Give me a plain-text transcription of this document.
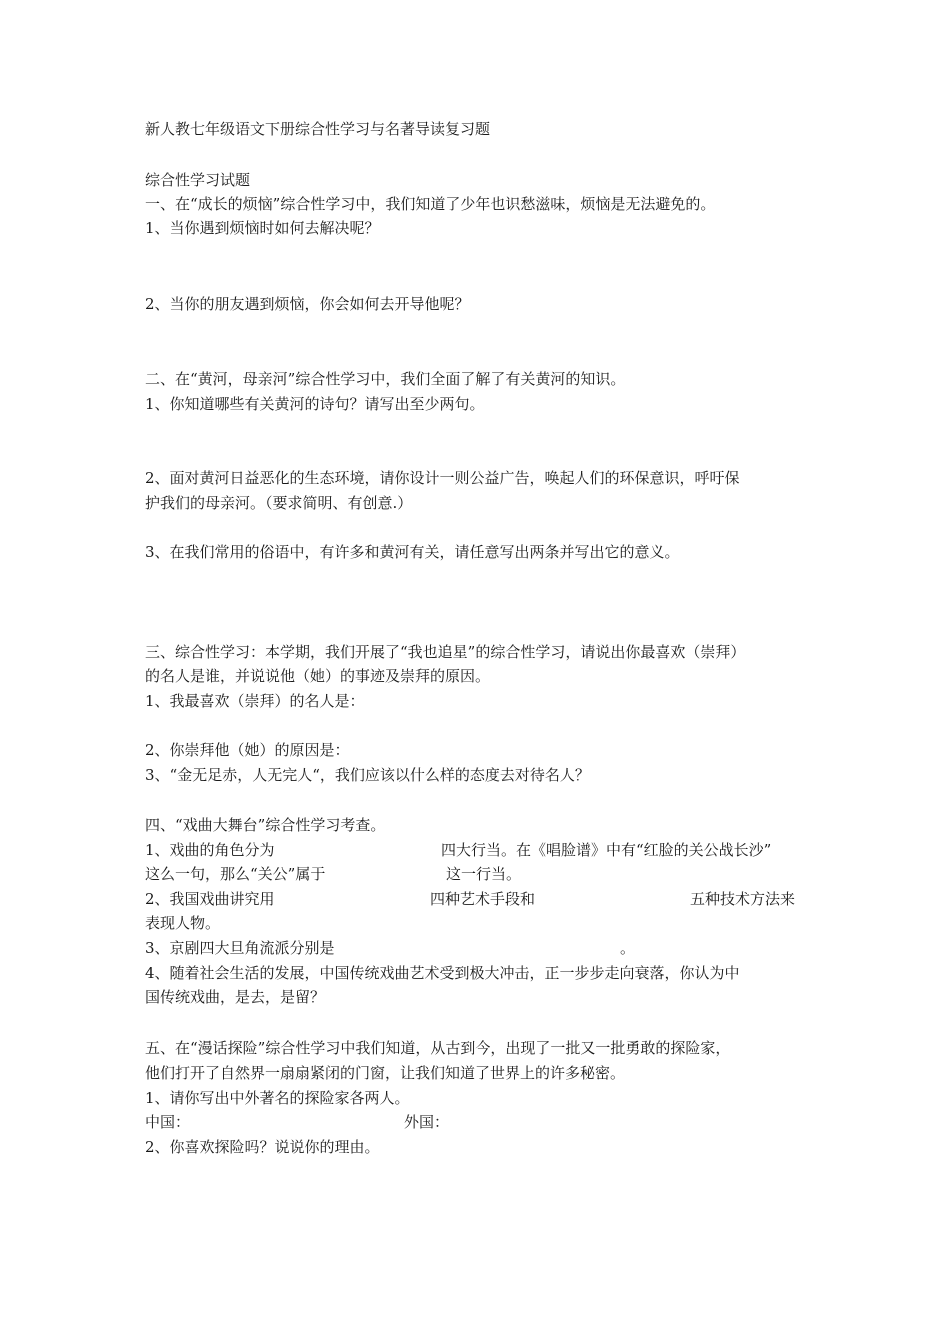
新人教七年级语文下册综合性学习与名著导读复习题
综合性学习试题
一、在“成长的烦恼”综合性学习中，我们知道了少年也识愁滋味，烦恼是无法避免的。
1、当你遇到烦恼时如何去解决呢？
2、当你的朋友遇到烦恼，你会如何去开导他呢？
二、在“黄河，母亲河”综合性学习中，我们全面了解了有关黄河的知识。
1、你知道哪些有关黄河的诗句？请写出至少两句。
2、面对黄河日益恶化的生态环境，请你设计一则公益广告，唤起人们的环保意识，呼吁保
护我们的母亲河。（要求简明、有创意.）
3、在我们常用的俗语中，有许多和黄河有关，请任意写出两条并写出它的意义。
三、综合性学习：本学期，我们开展了“我也追星”的综合性学习，请说出你最喜欢（崇拜）
的名人是谁，并说说他（她）的事迹及崇拜的原因。
1、我最喜欢（崇拜）的名人是：
2、你崇拜他（她）的原因是：
3、“金无足赤，人无完人“，我们应该以什么样的态度去对待名人？
四、“戏曲大舞台”综合性学习考查。
1、戏曲的角色分为	四大行当。在《唱脸谱》中有“红脸的关公战长沙”
这么一句，那么“关公”属于	这一行当。
2、我国戏曲讲究用	四种艺术手段和	五种技术方法来
表现人物。
3、京剧四大旦角流派分别是	。
4、随着社会生活的发展，中国传统戏曲艺术受到极大冲击，正一步步走向衰落，你认为中
国传统戏曲，是去，是留？
五、在“漫话探险”综合性学习中我们知道，从古到今，出现了一批又一批勇敢的探险家，
他们打开了自然界一扇扇紧闭的门窗，让我们知道了世界上的许多秘密。
1、请你写出中外著名的探险家各两人。
中国：	外国：
2、你喜欢探险吗？说说你的理由。
